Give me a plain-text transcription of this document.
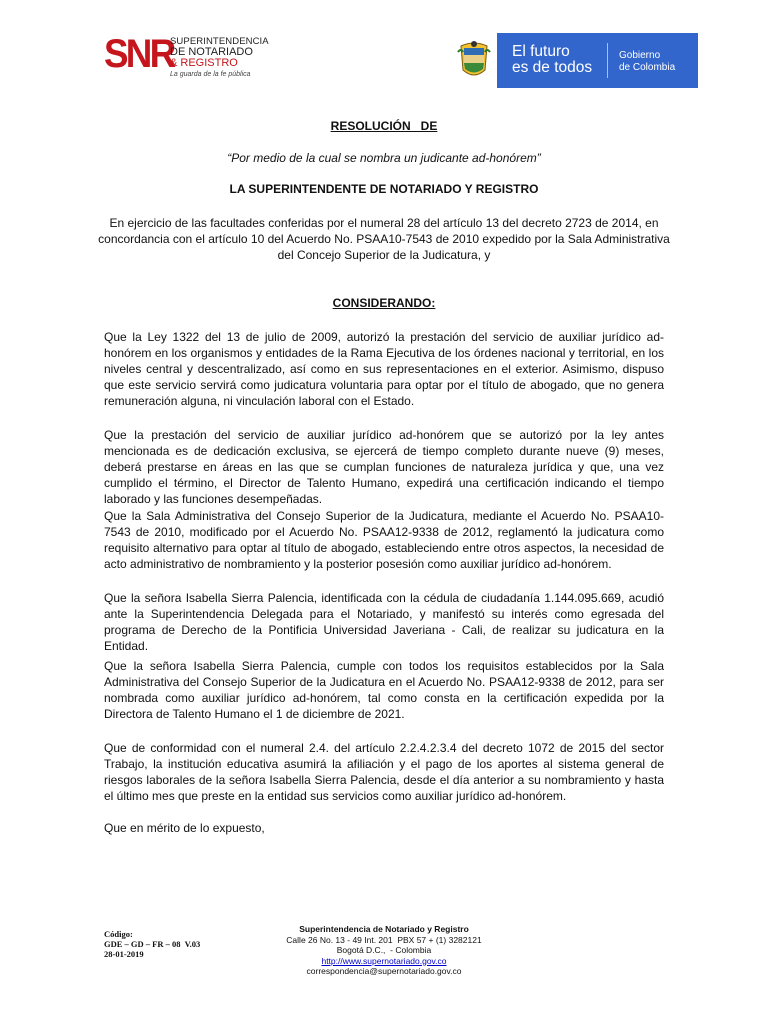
SNR
SUPERINTENDENCIA
DE NOTARIADO
& REGISTRO
La guarda de la fe pública
El futuro
es de todos
Gobierno
de Colombia
RESOLUCIÓN   DE
“Por medio de la cual se nombra un judicante ad-honórem”
LA SUPERINTENDENTE DE NOTARIADO Y REGISTRO
En ejercicio de las facultades conferidas por el numeral 28 del artículo 13 del decreto 2723 de 2014, en concordancia con el artículo 10 del Acuerdo No. PSAA10-7543 de 2010 expedido por la Sala Administrativa del Concejo Superior de la Judicatura, y
CONSIDERANDO:
Que la Ley 1322 del 13 de julio de 2009, autorizó la prestación del servicio de auxiliar jurídico ad-honórem en los organismos y entidades de la Rama Ejecutiva de los órdenes nacional y territorial, en los niveles central y descentralizado, así como en sus representaciones en el exterior. Asimismo, dispuso que este servicio servirá como judicatura voluntaria para optar por el título de abogado, que no genera remuneración alguna, ni vinculación laboral con el Estado.
Que la prestación del servicio de auxiliar jurídico ad-honórem que se autorizó por la ley antes mencionada es de dedicación exclusiva, se ejercerá de tiempo completo durante nueve (9) meses, deberá prestarse en áreas en las que se cumplan funciones de naturaleza jurídica y que, una vez cumplido el término, el Director de Talento Humano, expedirá una certificación indicando el tiempo laborado y las funciones desempeñadas.
Que la Sala Administrativa del Consejo Superior de la Judicatura, mediante el Acuerdo No. PSAA10-7543 de 2010, modificado por el Acuerdo No. PSAA12-9338 de 2012, reglamentó la judicatura como requisito alternativo para optar al título de abogado, estableciendo entre otros aspectos, la necesidad de acto administrativo de nombramiento y la posterior posesión como auxiliar jurídico ad-honórem.
Que la señora Isabella Sierra Palencia, identificada con la cédula de ciudadanía 1.144.095.669, acudió ante la Superintendencia Delegada para el Notariado, y manifestó su interés como egresada del programa de Derecho de la Pontificia Universidad Javeriana - Cali, de realizar su judicatura en la Entidad.
Que la señora Isabella Sierra Palencia, cumple con todos los requisitos establecidos por la Sala Administrativa del Consejo Superior de la Judicatura en el Acuerdo No. PSAA12-9338 de 2012, para ser nombrada como auxiliar jurídico ad-honórem, tal como consta en la certificación expedida por la Directora de Talento Humano el 1 de diciembre de 2021.
Que de conformidad con el numeral 2.4. del artículo 2.2.4.2.3.4 del decreto 1072 de 2015 del sector Trabajo, la institución educativa asumirá la afiliación y el pago de los aportes al sistema general de riesgos laborales de la señora Isabella Sierra Palencia, desde el día anterior a su nombramiento y hasta el último mes que preste en la entidad sus servicios como auxiliar jurídico ad-honórem.
Que en mérito de lo expuesto,
Código:
GDE – GD – FR – 08  V.03
28-01-2019
Superintendencia de Notariado y Registro
Calle 26 No. 13 - 49 Int. 201  PBX 57 + (1) 3282121
Bogotá D.C.,  - Colombia
http://www.supernotariado.gov.co
correspondencia@supernotariado.gov.co
